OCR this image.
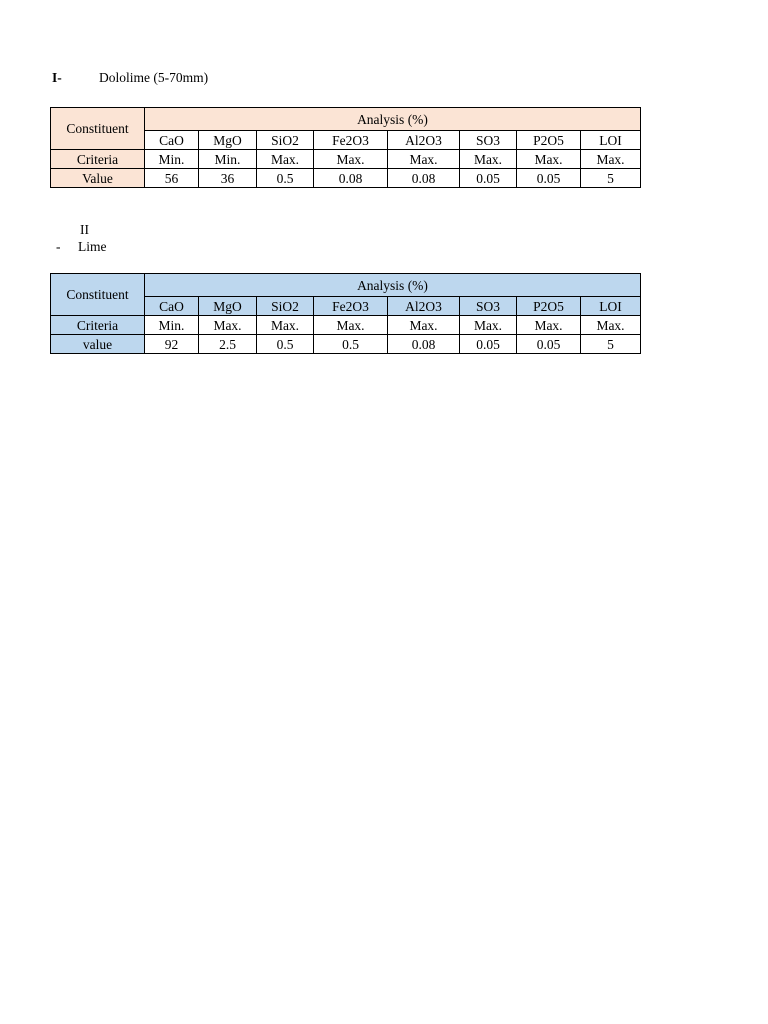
I-	Dololime (5-70mm)
Constituent	Analysis (%)							
	CaO	MgO	SiO2	Fe2O3	Al2O3	SO3	P2O5	LOI
Criteria	Min.	Min.	Max.	Max.	Max.	Max.	Max.	Max.
Value	56	36	0.5	0.08	0.08	0.05	0.05	5
II
- Lime
Constituent	Analysis (%)							
	CaO	MgO	SiO2	Fe2O3	Al2O3	SO3	P2O5	LOI
Criteria	Min.	Max.	Max.	Max.	Max.	Max.	Max.	Max.
value	92	2.5	0.5	0.5	0.08	0.05	0.05	5
